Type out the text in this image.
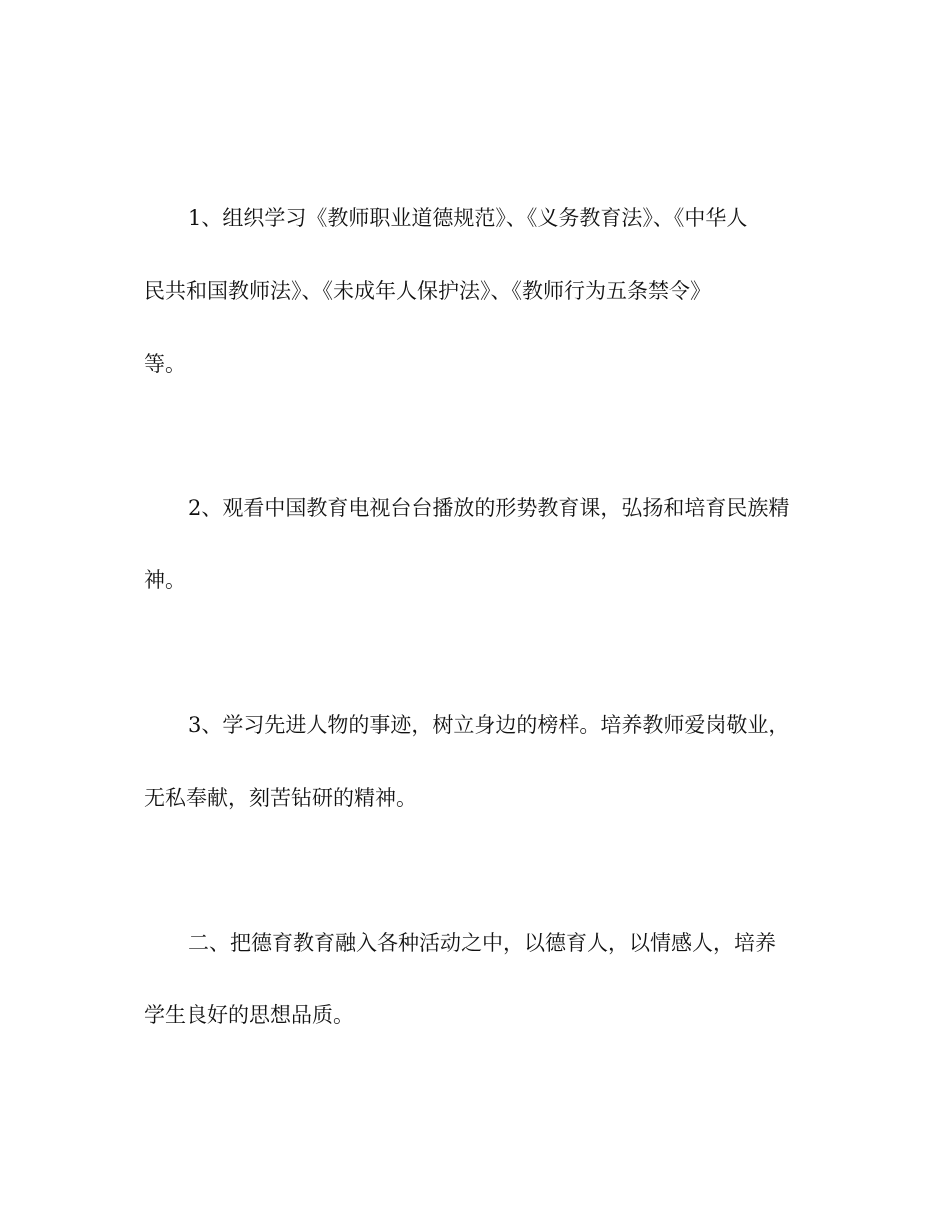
1、组织学习《教师职业道德规范》、《义务教育法》、《中华人
民共和国教师法》、《未成年人保护法》、《教师行为五条禁令》
等。
2、观看中国教育电视台台播放的形势教育课，弘扬和培育民族精
神。
3、学习先进人物的事迹，树立身边的榜样。培养教师爱岗敬业，
无私奉献，刻苦钻研的精神。
二、把德育教育融入各种活动之中，以德育人，以情感人，培养
学生良好的思想品质。
